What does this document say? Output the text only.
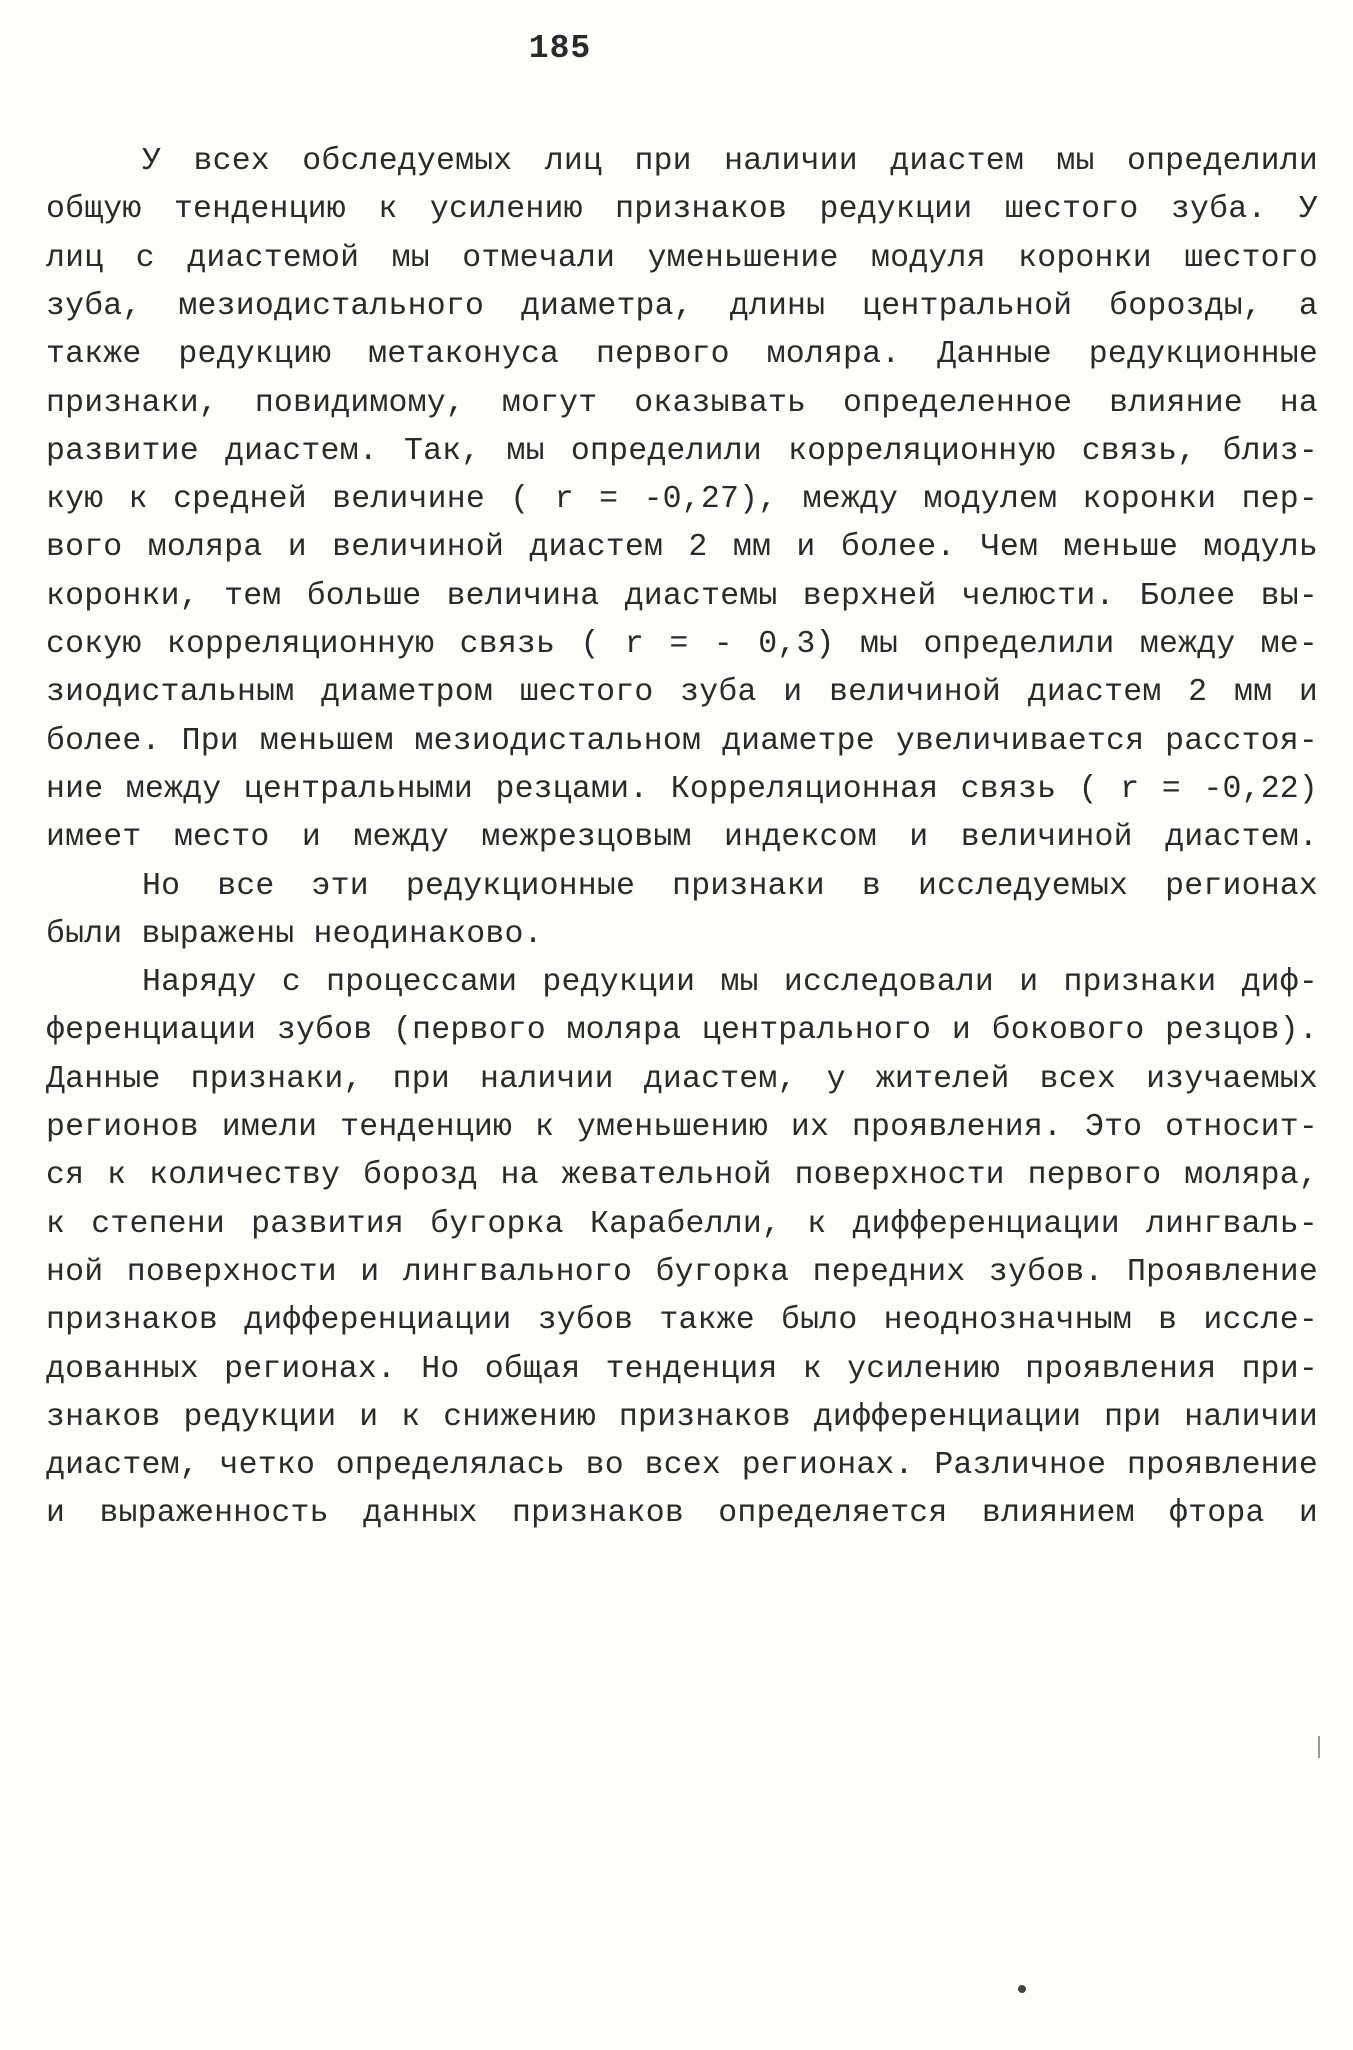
185
У всех обследуемых лиц при наличии диастем мы определили
общую тенденцию к усилению признаков редукции шестого зуба. У
лиц с диастемой мы отмечали уменьшение модуля коронки шестого
зуба, мезиодистального диаметра, длины центральной борозды, а
также редукцию метаконуса первого моляра. Данные редукционные
признаки, повидимому, могут оказывать определенное влияние на
развитие диастем. Так, мы определили корреляционную связь, близ-
кую к средней величине ( r = -0,27), между модулем коронки пер-
вого моляра и величиной диастем 2 мм и более. Чем меньше модуль
коронки, тем больше величина диастемы верхней челюсти. Более вы-
сокую корреляционную связь ( r = - 0,3) мы определили между ме-
зиодистальным диаметром шестого зуба и величиной диастем 2 мм и
более. При меньшем мезиодистальном диаметре увеличивается расстоя-
ние между центральными резцами. Корреляционная связь ( r = -0,22)
имеет место и между межрезцовым индексом и величиной диастем.
Но все эти редукционные признаки в исследуемых регионах
были выражены неодинаково.
Наряду с процессами редукции мы исследовали и признаки диф-
ференциации зубов (первого моляра центрального и бокового резцов).
Данные признаки, при наличии диастем, у жителей всех изучаемых
регионов имели тенденцию к уменьшению их проявления. Это относит-
ся к количеству борозд на жевательной поверхности первого моляра,
к степени развития бугорка Карабелли, к дифференциации лингваль-
ной поверхности и лингвального бугорка передних зубов. Проявление
признаков дифференциации зубов также было неоднозначным в иссле-
дованных регионах. Но общая тенденция к усилению проявления при-
знаков редукции и к снижению признаков дифференциации при наличии
диастем, четко определялась во всех регионах. Различное проявление
и выраженность данных признаков определяется влиянием фтора и
